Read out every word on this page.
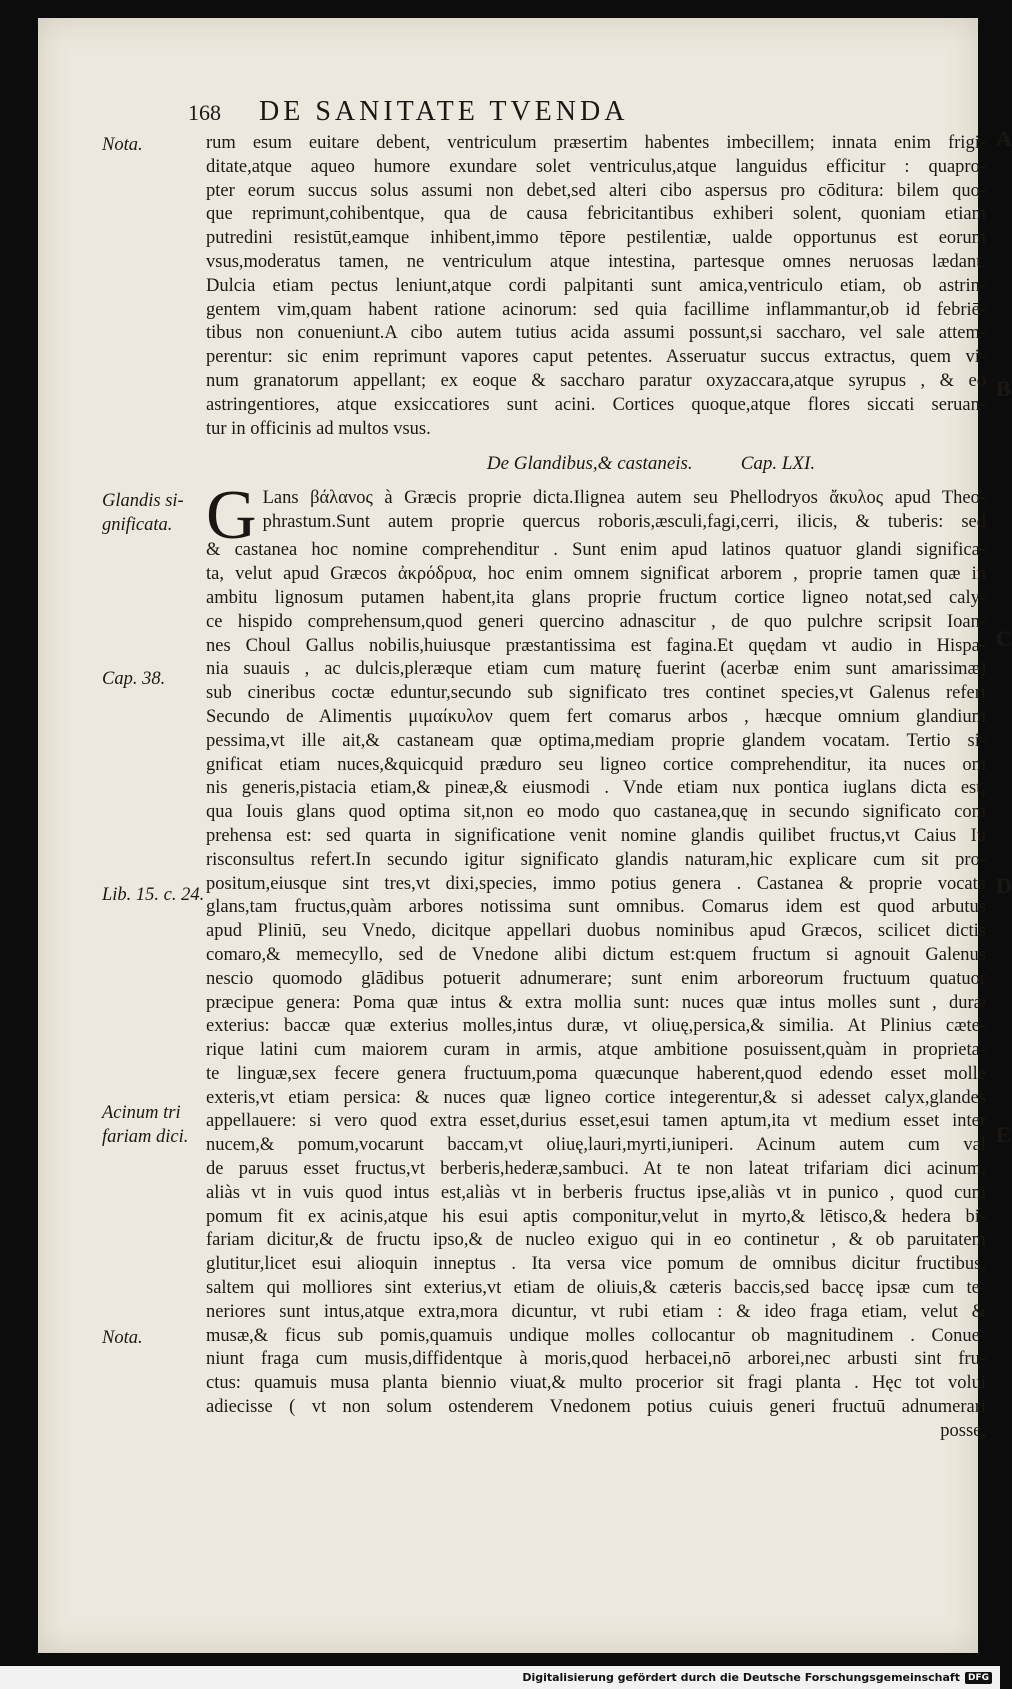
168 DE SANITATE TVENDA
A
B
C
D
E
Nota.
Glandis si- gnificata.
Cap. 38.
Lib. 15. c. 24.
Acinum tri fariam dici.
Nota.
rum esum euitare debent, ventriculum præsertim habentes imbecillem; innata enim frigi-
ditate,atque aqueo humore exundare solet ventriculus,atque languidus efficitur : quapro-
pter eorum succus solus assumi non debet,sed alteri cibo aspersus pro cōditura: bilem quo-
que reprimunt,cohibentque, qua de causa febricitantibus exhiberi solent, quoniam etiam
putredini resistūt,eamque inhibent,immo tēpore pestilentiæ, ualde opportunus est eorum
vsus,moderatus tamen, ne ventriculum atque intestina, partesque omnes neruosas lædant.
Dulcia etiam pectus leniunt,atque cordi palpitanti sunt amica,ventriculo etiam, ob astrin-
gentem vim,quam habent ratione acinorum: sed quia facillime inflammantur,ob id febriē-
tibus non conueniunt.A cibo autem tutius acida assumi possunt,si saccharo, vel sale attem-
perentur: sic enim reprimunt vapores caput petentes. Asseruatur succus extractus, quem vi-
num granatorum appellant; ex eoque & saccharo paratur oxyzaccara,atque syrupus , & eo
astringentiores, atque exsiccatiores sunt acini. Cortices quoque,atque flores siccati seruan-
tur in officinis ad multos vsus.
De Glandibus,& castaneis.	Cap. LXI.
G Lans βάλανος à Græcis proprie dicta.Ilignea autem seu Phellodryos ἄκυλος apud Theo-
phrastum.Sunt autem proprie quercus roboris,æsculi,fagi,cerri, ilicis, & tuberis: sed
& castanea hoc nomine comprehenditur . Sunt enim apud latinos quatuor glandi significa-
ta, velut apud Græcos ἀκρόδρυα, hoc enim omnem significat arborem , proprie tamen quæ in
ambitu lignosum putamen habent,ita glans proprie fructum cortice ligneo notat,sed caly-
ce hispido comprehensum,quod generi quercino adnascitur , de quo pulchre scripsit Ioan-
nes Choul Gallus nobilis,huiusque præstantissima est fagina.Et quędam vt audio in Hispa-
nia suauis , ac dulcis,pleræque etiam cum maturę fuerint (acerbæ enim sunt amarissimæ)
sub cineribus coctæ eduntur,secundo sub significato tres continet species,vt Galenus refert
Secundo de Alimentis μιμαίκυλον quem fert comarus arbos , hæcque omnium glandium
pessima,vt ille ait,& castaneam quæ optima,mediam proprie glandem vocatam. Tertio si-
gnificat etiam nuces,&quicquid præduro seu ligneo cortice comprehenditur, ita nuces om
nis generis,pistacia etiam,& pineæ,& eiusmodi . Vnde etiam nux pontica iuglans dicta est,
qua Iouis glans quod optima sit,non eo modo quo castanea,quę in secundo significato com
prehensa est: sed quarta in significatione venit nomine glandis quilibet fructus,vt Caius Iu
risconsultus refert.In secundo igitur significato glandis naturam,hic explicare cum sit pro-
positum,eiusque sint tres,vt dixi,species, immo potius genera . Castanea & proprie vocata
glans,tam fructus,quàm arbores notissima sunt omnibus. Comarus idem est quod arbutus
apud Pliniū, seu Vnedo, dicitque appellari duobus nominibus apud Græcos, scilicet dictis
comaro,& memecyllo, sed de Vnedone alibi dictum est:quem fructum si agnouit Galenus
nescio quomodo glādibus potuerit adnumerare; sunt enim arboreorum fructuum quatuor
præcipue genera: Poma quæ intus & extra mollia sunt: nuces quæ intus molles sunt , duræ
exterius: baccæ quæ exterius molles,intus duræ, vt oliuę,persica,& similia. At Plinius cæte-
rique latini cum maiorem curam in armis, atque ambitione posuissent,quàm in proprieta-
te linguæ,sex fecere genera fructuum,poma quæcunque haberent,quod edendo esset molle
exteris,vt etiam persica: & nuces quæ ligneo cortice integerentur,& si adesset calyx,glandes
appellauere: si vero quod extra esset,durius esset,esui tamen aptum,ita vt medium esset inter
nucem,& pomum,vocarunt baccam,vt oliuę,lauri,myrti,iuniperi. Acinum autem cum val
de paruus esset fructus,vt berberis,hederæ,sambuci. At te non lateat trifariam dici acinum,
aliàs vt in vuis quod intus est,aliàs vt in berberis fructus ipse,aliàs vt in punico , quod cum
pomum fit ex acinis,atque his esui aptis componitur,velut in myrto,& lētisco,& hedera bi-
fariam dicitur,& de fructu ipso,& de nucleo exiguo qui in eo continetur , & ob paruitatem
glutitur,licet esui alioquin inneptus . Ita versa vice pomum de omnibus dicitur fructibus,
saltem qui molliores sint exterius,vt etiam de oliuis,& cæteris baccis,sed baccę ipsæ cum te-
neriores sunt intus,atque extra,mora dicuntur, vt rubi etiam : & ideo fraga etiam, velut &
musæ,& ficus sub pomis,quamuis undique molles collocantur ob magnitudinem . Conue-
niunt fraga cum musis,diffidentque à moris,quod herbacei,nō arborei,nec arbusti sint fru-
ctus: quamuis musa planta biennio viuat,& multo procerior sit fragi planta . Hęc tot volui
adiecisse ( vt non solum ostenderem Vnedonem potius cuiuis generi fructuū adnumerari
posse,
Digitalisierung gefördert durch die Deutsche Forschungsgemeinschaft DFG
